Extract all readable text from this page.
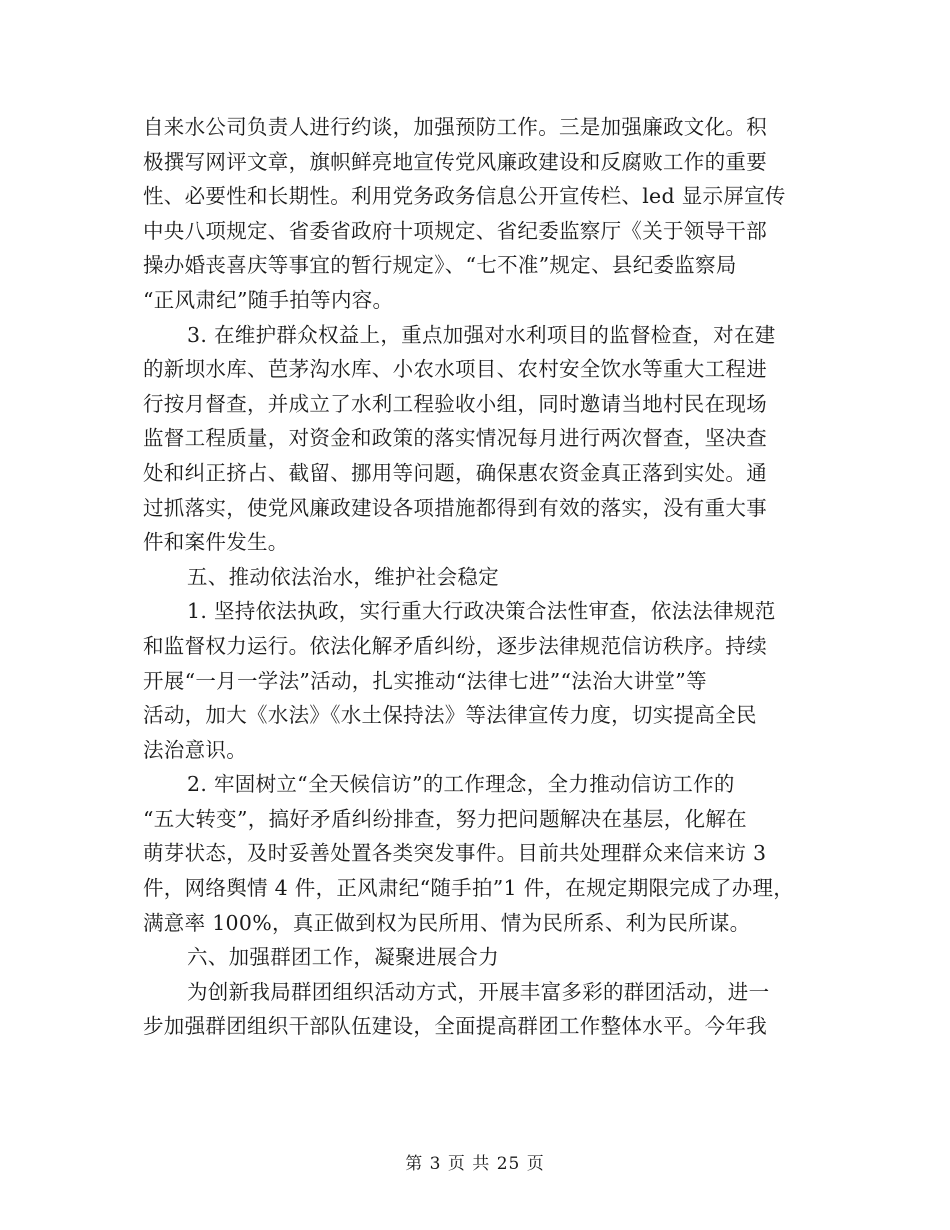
自来水公司负责人进行约谈，加强预防工作。三是加强廉政文化。积
极撰写网评文章，旗帜鲜亮地宣传党风廉政建设和反腐败工作的重要
性、必要性和长期性。利用党务政务信息公开宣传栏、led 显示屏宣传
中央八项规定、省委省政府十项规定、省纪委监察厅《关于领导干部
操办婚丧喜庆等事宜的暂行规定》、“七不准”规定、县纪委监察局
“正风肃纪”随手拍等内容。
3. 在维护群众权益上，重点加强对水利项目的监督检查，对在建
的新坝水库、芭茅沟水库、小农水项目、农村安全饮水等重大工程进
行按月督查，并成立了水利工程验收小组，同时邀请当地村民在现场
监督工程质量，对资金和政策的落实情况每月进行两次督查，坚决查
处和纠正挤占、截留、挪用等问题，确保惠农资金真正落到实处。通
过抓落实，使党风廉政建设各项措施都得到有效的落实，没有重大事
件和案件发生。
五、推动依法治水，维护社会稳定
1. 坚持依法执政，实行重大行政决策合法性审查，依法法律规范
和监督权力运行。依法化解矛盾纠纷，逐步法律规范信访秩序。持续
开展“一月一学法”活动，扎实推动“法律七进”“法治大讲堂”等
活动，加大《水法》《水土保持法》等法律宣传力度，切实提高全民
法治意识。
2. 牢固树立“全天候信访”的工作理念，全力推动信访工作的
“五大转变”，搞好矛盾纠纷排查，努力把问题解决在基层，化解在
萌芽状态，及时妥善处置各类突发事件。目前共处理群众来信来访 3
件，网络舆情 4 件，正风肃纪“随手拍”1 件，在规定期限完成了办理，
满意率 100%，真正做到权为民所用、情为民所系、利为民所谋。
六、加强群团工作，凝聚进展合力
为创新我局群团组织活动方式，开展丰富多彩的群团活动，进一
步加强群团组织干部队伍建设，全面提高群团工作整体水平。今年我
第 3 页 共 25 页
